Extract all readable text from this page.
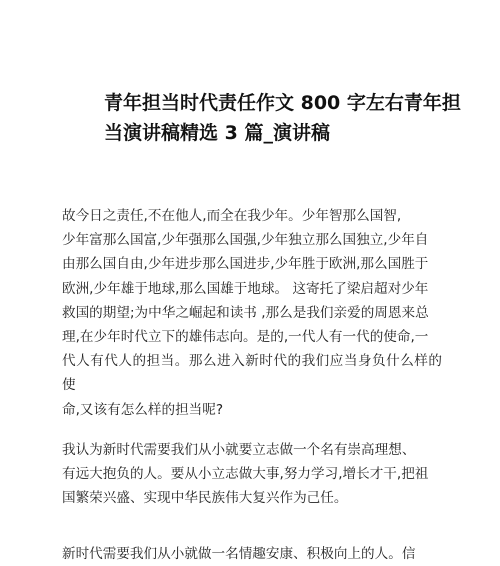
青年担当时代责任作文 800 字左右青年担
当演讲稿精选 3 篇_演讲稿

故今日之责任,不在他人,而全在我少年。少年智那么国智,
少年富那么国富,少年强那么国强,少年独立那么国独立,少年自
由那么国自由,少年进步那么国进步,少年胜于欧洲,那么国胜于
欧洲,少年雄于地球,那么国雄于地球。 这寄托了梁启超对少年
救国的期望;为中华之崛起和读书 ,那么是我们亲爱的周恩来总
理,在少年时代立下的雄伟志向。是的,一代人有一代的使命,一
代人有代人的担当。那么进入新时代的我们应当身负什么样的使
命,又该有怎么样的担当呢?

我认为新时代需要我们从小就要立志做一个名有崇高理想、
有远大抱负的人。要从小立志做大事,努力学习,增长才干,把祖
国繁荣兴盛、实现中华民族伟大复兴作为己任。

新时代需要我们从小就做一名情趣安康、积极向上的人。信
